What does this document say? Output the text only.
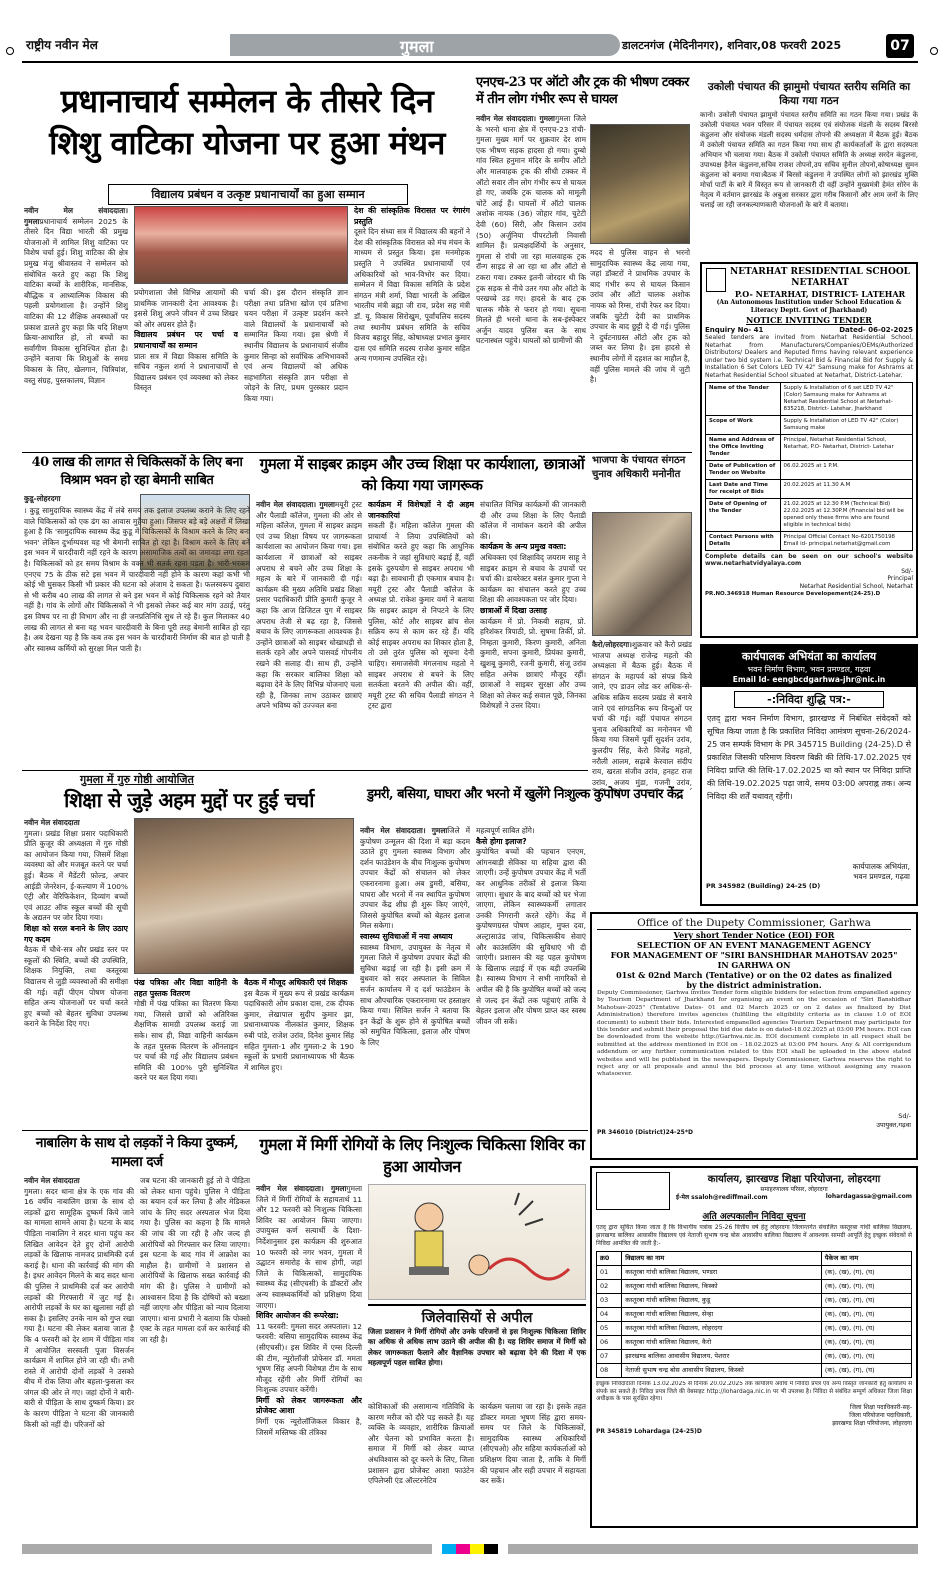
राष्ट्रीय नवीन मेल	गुमला	डालटनगंज (मेदिनीनगर), शनिवार,08 फरवरी 2025	07
प्रधानाचार्य सम्मेलन के तीसरे दिन
शिशु वाटिका योजना पर हुआ मंथन
विद्यालय प्रबंधन व उत्कृष्ट प्रधानाचार्यों का हुआ सम्मान
नवीन मेल संवाददाता। गुमलाप्रधानाचार्य सम्मेलन 2025 के तीसरे दिन विद्या भारती की प्रमुख योजनाओं में शामिल शिशु वाटिका पर विशेष चर्चा हुई। शिशु वाटिका की क्षेत्र प्रमुख मंजु श्रीवास्तव ने सम्मेलन को संबोधित करते हुए कहा कि शिशु वाटिका बच्चों के शारीरिक, मानसिक, बौद्धिक व आध्यात्मिक विकास की पहली प्रयोगशाला है। उन्होंने शिशु वाटिका की 12 शैक्षिक अवस्थाओं पर प्रकाश डालते हुए कहा कि यदि शिक्षण क्रिया-आधारित हो, तो बच्चों का सर्वांगीण विकास सुनिश्चित होता है। उन्होंने बताया कि शिशुओं के समग्र विकास के लिए, खेलगान, चित्रियांश, वस्तु संग्रह, पुस्तकालय, विज्ञान
प्रयोगशाला जैसे विभिन्न आयामों की प्राथमिक जानकारी देना आवश्यक है। इससे शिशु अपने जीवन में उच्च शिखर को ओर अग्रसर होते हैं।
विद्यालय प्रबंधन पर चर्चा व प्रधानाचार्यों का सम्मान
प्रातः सत्र में विद्या विकास समिति के सचिव नकुल शर्मा ने प्रधानाचार्यों से विद्यालय प्रबंधन एवं व्यवस्था को लेकर विस्तृत
चर्चा की। इस दौरान संस्कृति ज्ञान परीक्षा तथा प्रतिभा खोज एवं प्रतिभा चयन परीक्षा में उत्कृष्ट प्रदर्शन करने वाले विद्यालयों के प्रधानाचार्यों को सम्मानित किया गया। इस श्रेणी में स्थानीय विद्यालय के प्रधानाचार्य संजीव कुमार सिन्हा को सर्वाधिक अभिभावकों एवं अन्य विद्यालयों को अधिक सहभागिता संस्कृति ज्ञान परीक्षा से जोड़ने के लिए, प्रथम पुरस्कार प्रदान किया गया।
देश की सांस्कृतिक विरासत पर रंगारंग प्रस्तुति
दूसरे दिन संध्या सत्र में विद्यालय की बहनों ने देश की सांस्कृतिक विरासत को मंच मंचन के माध्यम से प्रस्तुत किया। इस मनमोहक प्रस्तुति ने उपस्थित प्रधानाचार्यों एवं अधिकारियों को भाव-विभोर कर दिया। सम्मेलन में विद्या विकास समिति के प्रदेश संगठन मंत्री शर्मा, विद्या भारती के अखिल भारतीय मंत्री ब्रह्मा जी राव, प्रदेश सह मंत्री डॉ. यू. विकास सिरोखुम, पूर्वांचलिय सदस्य तथा स्थानीय प्रबंधन समिति के सचिव विजय बहादुर सिंह, कोषाध्यक्ष प्रभात कुमार दास एवं समिति सदस्य राजेश कुमार सहित अन्य गणमान्य उपस्थित रहे।
एनएच-23 पर ऑटो और ट्रक की भीषण टक्कर में तीन लोग गंभीर रूप से घायल
नवीन मेल संवाददाता। गुमलागुमला जिले के भरनो थाना क्षेत्र में एनएच-23 रांची-गुमला मुख्य मार्ग पर शुक्रवार देर शाम एक भीषण सड़क हादसा हो गया। दुम्बो गांव स्थित हनुमान मंदिर के समीप ऑटो और मालवाहक ट्रक की सीधी टक्कर में ऑटो सवार तीन लोग गंभीर रूप से घायल हो गए, जबकि ट्रक चालक को मामूली चोटें आई हैं। घायलों में ऑटो चालक अशोक नायक (36) जोहार गांव, चुटेटी देवी (60) सिरी, और किसान उरांव (50) अर्जुनिया पीपरटोली निवासी शामिल हैं। प्रत्यक्षदर्शियों के अनुसार, गुमला से रांची जा रहा मालवाहक ट्रक रॉन्ग साइड से आ रहा था और ऑटो से टकरा गया। टक्कर इतनी जोरदार थी कि ट्रक सड़क से नीचे उतर गया और ऑटो के परखच्चे उड़ गए। हादसे के बाद ट्रक चालक मौके से फरार हो गया। सूचना मिलते ही भरनो थाना के सब-इंस्पेक्टर अर्जुन यादव पुलिस बल के साथ घटनास्थल पहुंचे। घायलों को ग्रामीणों की
मदद से पुलिस वाहन से भरनो सामुदायिक स्वास्थ्य केंद्र लाया गया, जहां डॉक्टरों ने प्राथमिक उपचार के बाद गंभीर रूप से घायल किसान उरांव और ऑटो चालक अशोक नायक को रिम्स, रांची रेफर कर दिया। जबकि चुटेटी देवी का प्राथमिक उपचार के बाद छुट्टी दे दी गई। पुलिस ने दुर्घटनाग्रस्त ऑटो और ट्रक को जब्त कर लिया है। इस हादसे से स्थानीय लोगों में दहशत का माहौल है, वहीं पुलिस मामले की जांच में जुटी है।
उकोली पंचायत की झामुमो पंचायत स्तरीय समिति का किया गया गठन
कानो। उकोली पंचायत झामुमो पंचायत स्तरीय समिति का गठन किया गया। प्रखंड के उकोली पंचायत भवन परिसर में पंचायत सदस्य एवं संयोजक मंडली के सदस्य बिरसो कंडुलना और संयोजक मंडली सदस्य धर्मदास तोपनो की अध्यक्षता में बैठक हुई। बैठक में उकोली पंचायत समिति का गठन किया गया साथ ही कार्यकर्ताओं के द्वारा सदस्यता अभियान भी चलाया गया। बैठक में उकोली पंचायत समिति के अध्यक्ष सरदेन कंडुलना, उपाध्यक्ष हैनेल कंडुलना,सचिव राजश तोपनो,उप सचिव सुनील तोपनो,कोषाध्यक्ष सुमन कंडुलना को बनाया गया।बैठक में बिरसो कंडुलना ने उपस्थित लोगों को झारखंड मुक्ति मोर्चा पार्टी के बारे में विस्तृत रूप से जानकारी दी वहीं उन्होंने मुख्यमंत्री हेमंत सोरेन के नेतृत्व में वर्तमान झारखंड के अबुआ सरकार द्वारा गरीब किसानों और आम जनों के लिए चलाई जा रही जनकल्याणकारी योजनाओं के बारे में बताया।
NETARHAT RESIDENTIAL SCHOOL NETARHAT
P.O- NETARHAT, DISTRICT- LATEHAR
(An Autonomous Institution under School Education & Literacy Deptt. Govt of Jharkhand)
NOTICE INVITING TENDER
Enquiry No- 41	Dated- 06-02-2025
Sealed tenders are invited from Netarhat Residential School, Netarhat from Manufacturers/Companies/OEMs/Authorized Distributors/ Dealers and Reputed firms having relevant experience under two bid system i.e. Technical Bid & Financial Bid for Supply & Installation 6 Set Colors LED TV 42" Samsung make for Ashrams at Netarhat Residential School situated at Netarhat, District-Latehar.
Name of the Tender	Supply & Installation of 6 set LED TV 42" (Color) Samsung make for Ashrams at Netarhat Residential School at Netarhat-835218, District- Latehar, Jharkhand
Scope of Work	Supply & Installation of LED TV 42" (Color) Samsung make
Name and Address of the Office Inviting Tender	Principal, Netarhat Residential School, Netarhat, P.O- Netarhat, District- Latehar
Date of Publication of Tender on Website	06.02.2025 at 1 P.M.
Last Date and Time for receipt of Bids	20.02.2025 at 11.30 A.M
Date of Opening of the Tender	21.02.2025 at 12.30 P.M (Technical Bid) 22.02.2025 at 12.30P.M (Financial bid will be opened only these firms who are found eligible in technical bids)
Contact Persons with Details	Principal Official Contact No-6201750198 Email id- principal.netarhat@gmail.com
Complete details can be seen on our school's website www.netarhatvidyalaya.com
Sd/-
Principal
Netarhat Residential School, Netarhat
PR.NO.346918 Human Resource Developement(24-25).D
40 लाख की लागत से चिकित्सकों के लिए बना विश्राम भवन हो रहा बेमानी साबित
कुडू-लोहरदगा
। कुडू सामुदायिक स्वास्थ्य केंद्र में लंबे समय तक इलाज उपलब्ध कराने के लिए रहने वाले चिकित्सकों को एक ढंग का आवास मुहैया हुआ। जिसपर बड़े बड़े अक्षरों में लिखा हुआ है कि 'सामुदायिक स्वास्थ्य केंद्र कुडू में चिकित्सकों के विश्राम करने के लिए बना भवन' लेकिन दुर्भाग्यवश यह भी बेमानी साबित हो रहा है। विश्राम करने के लिए बने इस भवन में चारदीवारी नहीं रहने के कारण असामाजिक तत्वों का जमावड़ा लगा रहता है। चिकित्सकों को हर समय विश्राम के वक्त भी सतर्क रहना पड़ता है। भारी-भरकम एनएच 75 के ठीक सटे इस भवन में चारदीवारी नहीं होने के कारण कहां कभी भी कोई भी घुसकर किसी भी प्रकार की घटना को अंजाम दे सकता है। फलस्वरूप दुबारा से भी करीब 40 लाख की लागत से बने इस भवन में कोई चिकित्सक रहने को तैयार नहीं है। गांव के लोगों और चिकित्सकों ने भी इसको लेकर कई बार मांग उठाई, परंतु इस विषय पर ना ही विभाग और ना ही जनप्रतिनिधि सुध ले रहे हैं। कुल मिलाकर 40 लाख की लागत से बना यह भवन चारदीवारी के बिना पूरी तरह बेमानी साबित हो रहा है। अब देखना यह है कि कब तक इस भवन के चारदीवारी निर्माण की बात हो पाती है और स्वास्थ्य कर्मियों को सुरक्षा मिल पाती है।
गुमला में साइबर क्राइम और उच्च शिक्षा पर कार्यशाला, छात्राओं को किया गया जागरूक
नवीन मेल संवाददाता। गुमलामयूरी ट्रस्ट और पैलाडी कॉलेज, गुमला की ओर से महिला कॉलेज, गुमला में साइबर क्राइम एवं उच्च शिक्षा विषय पर जागरूकता कार्यशाला का आयोजन किया गया। इस कार्यशाला में छात्राओं को साइबर अपराध से बचने और उच्च शिक्षा के महत्व के बारे में जानकारी दी गई। कार्यक्रम की मुख्य अतिथि प्रखंड शिक्षा प्रसार पदाधिकारी प्रीति कुमारी कुजूर ने कहा कि आज डिजिटल युग में साइबर अपराध तेजी से बढ़ रहा है, जिससे बचाव के लिए जागरूकता आवश्यक है। उन्होंने छात्राओं को साइबर धोखाधड़ी से सतर्क रहने और अपने पासवर्ड गोपनीय रखने की सलाह दी। साथ ही, उन्होंने कहा कि सरकार बालिका शिक्षा को बढ़ावा देने के लिए विभिन्न योजनाएं चला रही है, जिनका लाभ उठाकर छात्राएं अपने भविष्य को उज्ज्वल बना
कार्यक्रम में विशेषज्ञों ने दी अहम जानकारियां
सकती हैं। महिला कॉलेज गुमला की प्राचार्या ने लिया उपस्थितियों को संबोधित करते हुए कहा कि आधुनिक तकनीक ने जहां सुविधाएं बढ़ाई हैं, वहीं इसके दुरुपयोग से साइबर अपराध भी बढ़ा है। सावधानी ही एकमात्र बचाव है। मयूरी ट्रस्ट और पैलाडी कॉलेज के अध्यक्ष प्रो. राकेश कुमार वर्मा ने बताया कि साइबर क्राइम से निपटने के लिए पुलिस, कोर्ट और साइबर ब्रांच सेल सक्रिय रूप से काम कर रहे हैं। यदि कोई साइबर अपराध का शिकार होता है, तो उसे तुरंत पुलिस को सूचना देनी चाहिए। समाजसेवी मंगलनाथ महतो ने साइबर अपराध से बचने के लिए सतर्कता बरतने की अपील की। वहीं, मयूरी ट्रस्ट की सचिव पैलाडी संगठन ने ट्रस्ट द्वारा
संचालित विभिन्न कार्यक्रमों की जानकारी दी और उच्च शिक्षा के लिए पैलाडी कॉलेज में नामांकन कराने की अपील की।
कार्यक्रम के अन्य प्रमुख वक्ता:
अधिवक्ता एवं शिक्षाविद् जयराम साहू ने साइबर क्राइम से बचाव के उपायों पर चर्चा की। डायरेक्टर बसंत कुमार गुप्ता ने कार्यक्रम का संचालन करते हुए उच्च शिक्षा की आवश्यकता पर जोर दिया।
छात्राओं में दिखा उत्साह
कार्यक्रम में प्रो. निकबी सहाय, प्रो. हरिशंकर त्रिपाठी, प्रो. सुषमा तिर्की, प्रो. निम्हता कुमारी, किरण कुमारी, अनिता कुमारी, सपना कुमारी, प्रियंका कुमारी, खुशबू कुमारी, रजनी कुमारी, संजू उरांव सहित अनेक छात्राएं मौजूद रहीं। छात्राओं ने साइबर सुरक्षा और उच्च शिक्षा को लेकर कई सवाल पूछे, जिनका विशेषज्ञों ने उत्तर दिया।
भाजपा के पंचायत संगठन चुनाव अधिकारी मनोनीत
कैरो/लोहरदगा।शुक्रवार को कैरो प्रखंड भाजपा अध्यक्ष राजेन्द्र महतो की अध्यक्षता में बैठक हुई। बैठक में संगठन के महापर्व को संपन्न किये जाने, एप डाउन लोड कर अधिक-से-अधिक सक्रिय सदस्य प्रखंड से बनाये जाने एवं सांगठनिक रूप विन्दुओं पर चर्चा की गई। वहीं पंचायत संगठन चुनाव अधिकारियों का मनोनयन भी किया गया जिसमें पूर्वी सुदर्शन उरांव, कुलदीप सिंह, केरो विजेंद्र महतो, नरौली आलम, सढ़ाबे केरवाल संदीप राय, खरता संजीव उरांव, हनहट राज उरांव, अजय मुंडा, गजनी उरांव,
कार्यपालक अभियंता का कार्यालय
भवन निर्माण विभाग, भवन प्रमण्डल, गढ़वा
Email Id- eengbcdgarhwa-jhr@nic.in
-:निविदा शुद्धि पत्र:-
एतद् द्वारा भवन निर्माण विभाग, झारखण्ड में निबंधित संवेदकों को सूचित किया जाता है कि प्रकाशित निविदा आमंत्रण सूचना-26/2024-25 जन सम्पर्क विभाग के PR 345715 Building (24-25).D से प्रकाशित जिसकी परिमाण विवरण बिक्री की तिथि-17.02.2025 एवं निविदा प्राप्ति की तिथि-17.02.2025 था को स्थान पर निविदा प्राप्ति की तिथि-19.02.2025 पढ़ा जाये, समय 03:00 अपराह्न तक। अन्य निविदा की शर्तें यथावत् रहेंगी।
कार्यपालक अभियंता,
भवन प्रमण्डल, गढ़वा
PR 345982 (Building) 24-25 (D)
गुमला में गुरु गोष्ठी आयोजित
शिक्षा से जुड़े अहम मुद्दों पर हुई चर्चा
नवीन मेल संवाददाता
गुमला। प्रखंड शिक्षा प्रसार पदाधिकारी प्रीति कुजूर की अध्यक्षता में गुरु गोष्ठी का आयोजन किया गया, जिसमें शिक्षा व्यवस्था को और मजबूत करने पर चर्चा हुई। बैठक में मैडेंटरी फ़ोल्ड, अपार आईडी जेनरेशन, ई-कल्याण में 100% एंट्री और वेरिफिकेशन, दिव्यांग बच्चों एवं आउट ऑफ स्कूल बच्चों की सूची के अद्यतन पर जोर दिया गया।
शिक्षा को सरल बनाने के लिए उठाए गए कदम
बैठक में चौथे-सत्र और प्रखंड स्तर पर स्कूलों की स्थिति, बच्चों की उपस्थिति, शिक्षक नियुक्ति, तथा कस्तूरबा विद्यालय से जुड़ी व्यवस्थाओं की समीक्षा की गई। वहीं पीएम पोषण योजना सहित अन्य योजनाओं पर चर्चा करते हुए बच्चों को बेहतर सुविधा उपलब्ध कराने के निर्देश दिए गए।
पंख पत्रिका और विद्या वाहिनी के तहत पुस्तक वितरण
गोष्ठी में पंख पत्रिका का वितरण किया गया, जिससे छात्रों को अतिरिक्त शैक्षणिक सामग्री उपलब्ध कराई जा सके। साथ ही, विद्या वाहिनी कार्यक्रम के तहत पुस्तक वितरण के ऑनलाइन पर चर्चा की गई और विद्यालय प्रबंधन समिति की 100% पूरी सुनिश्चित करने पर बल दिया गया।
बैठक में मौजूद अधिकारी एवं शिक्षक
इस बैठक में मुख्य रूप से प्रखंड कार्यक्रम पदाधिकारी ओम प्रकाश दास, टक दीपक कुमार, लेखापाल सुदीप कुमार झा, प्रधानाध्यापक नीलकांत कुमार, शिक्षक रुबी पांडे, राजेश उरांव, दिनेश कुमार सिंह सहित गुमला-1 और गुमला-2 के 190 स्कूलों के प्रभारी प्रधानाध्यापक भी बैठक में शामिल हुए।
डुमरी, बसिया, घाघरा और भरनो में खुलेंगे निःशुल्क कुपोषण उपचार केंद्र
नवीन मेल संवाददाता। गुमलाजिले में कुपोषण उन्मूलन की दिशा में बड़ा कदम उठाते हुए गुमला स्वास्थ्य विभाग और दर्शन फाउंडेशन के बीच निःशुल्क कुपोषण उपचार केंद्रों को संचालन को लेकर एकरारनामा हुआ। अब डुमरी, बसिया, घाघरा और भरनो में नव स्थापित कुपोषण उपचार केंद्र शीघ्र ही शुरू किए जाएंगे, जिससे कुपोषित बच्चों को बेहतर इलाज मिल सकेगा।
स्वास्थ्य सुविधाओं में नया अध्याय
स्वास्थ्य विभाग, उपायुक्त के नेतृत्व में गुमला जिले में कुपोषण उपचार केंद्रों की सुविधा बढ़ाई जा रही है। इसी क्रम में बुधवार को सदर अस्पताल के सिविल सर्जन कार्यालय में द दर्श फाउंडेशन के साथ औपचारिक एकरारनामा पर हस्ताक्षर किया गया। सिविल सर्जन ने बताया कि इन केंद्रों के शुरू होने से कुपोषित बच्चों को समुचित चिकित्सा, इलाज और पोषण के लिए
महत्वपूर्ण साबित होंगे।
कैसे होगा इलाज?
कुपोषित बच्चों की पहचान एनएम, आंगनबाड़ी सेविका या सहिया द्वारा की जाएगी। उन्हें कुपोषण उपचार केंद्र में भर्ती कर आधुनिक तरीकों से इलाज किया जाएगा। सुधार के बाद बच्चों को घर भेजा जाएगा, लेकिन स्वास्थ्यकर्मी लगातार उनकी निगरानी करते रहेंगे। केंद्र में कुपोषणग्रस्त पोषण आहार, मुफ्त दवा, अल्ट्रासाउंड जांच, चिकित्सकीय सेवाएं और काउंसलिंग की सुविधाएं भी दी जाएंगी। प्रशासन की यह पहल कुपोषण के खिलाफ लड़ाई में एक बड़ी उपलब्धि है। स्वास्थ्य विभाग ने सभी नागरिकों से अपील की है कि कुपोषित बच्चों को जल्द से जल्द इन केंद्रों तक पहुंचाएं ताकि वे बेहतर इलाज और पोषण प्राप्त कर स्वस्थ जीवन जी सकें।
Office of the Dupety Commissioner, Garhwa
Very short Tender Notice (EOI) FOR
SELECTION OF AN EVENT MANAGEMENT AGENCY
FOR MANAGEMENT OF "SIRI BANSHIDHAR MAHOTSAV 2025"
IN GARHWA ON
01st & 02nd March (Tentative) or on the 02 dates as finalized
by the district administration.
Deputy Commissioner, Garhwa invites Tender form eligible bidders for selection from empanelled agency by Tourism Department of Jharkhand for organising an event on the occasion of "Siri Banshidhar Mahotsav-2025" (Tentative Dates- 01 and 02 March 2025 or on 2 dates as finalized by Dist Administration) therefore invites agencies (fulfilling the eligibility criteria as in clause 1.0 of EOI document) to submit their bids. Interested empanelled agencies Tourism Department may participate for this tender and submit their proposal the bid due date is on dated-18.02.2025 at 03:00 PM hours. EOI can be downloaded from the website http://Garhwa.nic.in. EOI document complete in all respect shall be submitted at the address mentioned in EOI on - 18.02.2025 at 03:00 PM hours. Any & All corrigendum addendum or any further communication related to this EOI shall be uploaded in the above stated websites and will be published in the newspapers. Deputy Commissioner, Garhwa reserves the right to reject any or all proposals and annul the bid process at any time without assigning any reason whatsoever.
Sd/-
उपायुक्त,गढ़वा
PR 346010 (District)24-25*D
नाबालिग के साथ दो लड़कों ने किया दुष्कर्म, मामला दर्ज
नवीन मेल संवाददाता
गुमला। सदर थाना क्षेत्र के एक गांव की 16 वर्षीय नाबालिग छात्रा के साथ दो लड़कों द्वारा सामूहिक दुष्कर्म किये जाने का मामला सामने आया है। घटना के बाद पीड़िता नाबालिग ने सदर थाना पहुंच कर लिखित आवेदन देते हुए दोनों आरोपी लड़कों के खिलाफ नामजद प्राथमिकी दर्ज कराई है। थाना की कार्रवाई की मांग की है। इधर आवेदन मिलने के बाद सदर थाना की पुलिस ने प्राथमिकी दर्ज कर आरोपी लड़कों की गिरफ्तारी में जुट गई है। आरोपी लड़कों के घर का खुलासा नहीं हो सका है। इसलिए उनके नाम को गुप्त रखा गया है। घटना की लेकर बताया जाता है कि 4 फरवरी को देर शाम में पीड़िता गांव में आयोजित सरस्वती पूजा विसर्जन कार्यक्रम में शामिल होने जा रही थी। तभी रास्ते में आरोपी दोनों लड़कों ने उसको बीच में रोक लिया और बहला-फुसला कर जंगल की ओर ले गए। जहां दोनों ने बारी-बारी से पीड़िता के साथ दुष्कर्म किया। डर के कारण पीड़िता ने घटना की जानकारी किसी को नहीं दी। परिजनों को
जब घटना की जानकारी हुई तो वे पीड़िता को लेकर थाना पहुंचे। पुलिस ने पीड़िता का बयान दर्ज कर लिया है और मेडिकल जांच के लिए सदर अस्पताल भेज दिया गया है। पुलिस का कहना है कि मामले की जांच की जा रही है और जल्द ही आरोपियों को गिरफ्तार कर लिया जाएगा। इस घटना के बाद गांव में आक्रोश का माहौल है। ग्रामीणों ने प्रशासन से आरोपियों के खिलाफ सख्त कार्रवाई की मांग की है। पुलिस ने ग्रामीणों को आश्वासन दिया है कि दोषियों को बख्शा नहीं जाएगा और पीड़िता को न्याय दिलाया जाएगा। थाना प्रभारी ने बताया कि पोक्सो एक्ट के तहत मामला दर्ज कर कार्रवाई की जा रही है।
गुमला में मिर्गी रोगियों के लिए निःशुल्क चिकित्सा शिविर का हुआ आयोजन
नवीन मेल संवाददाता। गुमलागुमला जिले में मिर्गी रोगियों के सहायतार्थ 11 और 12 फरवरी को निःशुल्क चिकित्सा शिविर का आयोजन किया जाएगा। उपायुक्त कर्ण सत्यार्थी के दिशा-निर्देशानुसार इस कार्यक्रम की शुरुआत 10 फरवरी को नगर भवन, गुमला में उद्घाटन समारोह के साथ होगी, जहां जिले के चिकित्सकों, सामुदायिक स्वास्थ्य केंद्र (सीएचसी) के डॉक्टरों और अन्य स्वास्थ्यकर्मियों को प्रशिक्षण दिया जाएगा।
शिविर आयोजन की रूपरेखा:
11 फरवरी: गुमला सदर अस्पताल। 12 फरवरी: बसिया सामुदायिक स्वास्थ्य केंद्र (सीएचसी)। इस शिविर में एम्स दिल्ली की टीम, न्यूरोलॉजी प्रोफेसर डॉ. ममता भूषण सिंह अपनी विशेषज्ञ टीम के साथ मौजूद रहेंगी और मिर्गी रोगियों का निःशुल्क उपचार करेंगी।
मिर्गी को लेकर जागरूकता और प्रोजेक्ट आशा
मिर्गी एक न्यूरोलॉजिकल विकार है, जिसमें मस्तिष्क की तंत्रिका
जिलेवासियों से अपील
जिला प्रशासन ने मिर्गी रोगियों और उनके परिजनों से इस निःशुल्क चिकित्सा शिविर का अधिक से अधिक लाभ उठाने की अपील की है। यह शिविर समाज में मिर्गी को लेकर जागरूकता फैलाने और वैज्ञानिक उपचार को बढ़ावा देने की दिशा में एक महत्वपूर्ण पहल साबित होगा।
कोशिकाओं की असामान्य गतिविधि के कारण मरीज को दौरे पड़ सकते हैं। यह व्यक्ति के व्यवहार, शारीरिक क्रियाओं और चेतना को प्रभावित करता है। समाज में मिर्गी को लेकर व्याप्त अंधविश्वास को दूर करने के लिए, जिला प्रशासन द्वारा प्रोजेक्ट आशा फाउंटेन एपिलेप्सी एंड ऑल्टरनेटिव
कार्यक्रम चलाया जा रहा है। इसके तहत डॉक्टर ममता भूषण सिंह द्वारा समय-समय पर जिले के चिकित्सकों, सामुदायिक स्वास्थ्य अधिकारियों (सीएचओ) और सहिया कार्यकर्ताओं को प्रशिक्षण दिया जाता है, ताकि वे मिर्गी की पहचान और सही उपचार में सहायता कर सकें।
कार्यालय, झारखण्ड शिक्षा परियोजना, लोहरदगा
समाहरणालय परिसर, लोहरदगा
ई-मेल ssaloh@rediffmail.com	lohardagassa@gmail.com
अति अल्पकालीन निविदा सूचना
एतद् द्वारा सूचित किया जाता है कि विभागीय पत्रांक 25-26 वित्तीय वर्ष हेतु लोहरदगा जिलान्तर्गत संचालित कस्तूरबा गांधी बालिका विद्यालय, झारखण्ड बालिका आवासीय विद्यालय एवं नेताजी सुभाष चन्द्र बोस आवासीय बालिका विद्यालय में आवश्यक सामग्री आपूर्ति हेतु इच्छुक संवेदकों से निविदा आमंत्रित की जाती है:-
क्र0	विद्यालय का नाम	पैकेज का नाम
01	कस्तूरबा गांधी बालिका विद्यालय, भण्डरा	(क), (ख), (ग), (घ)
02	कस्तूरबा गांधी बालिका विद्यालय, किस्को	(क), (ख), (ग), (घ)
03	कस्तूरबा गांधी बालिका विद्यालय, कुडू	(क), (ख), (ग), (घ)
04	कस्तूरबा गांधी बालिका विद्यालय, सेन्हा	(क), (ख), (ग), (घ)
05	कस्तूरबा गांधी बालिका विद्यालय, लोहरदगा	(क), (ख), (ग), (घ)
06	कस्तूरबा गांधी बालिका विद्यालय, कैरो	(क), (ख), (ग), (घ)
07	झारखण्ड बालिका आवासीय विद्यालय, पेशरार	(क), (ख), (ग), (घ)
08	नेताजी सुभाष चन्द्र बोस आवासीय विद्यालय, किस्को	(क), (ख), (ग), (घ)
इच्छुक निविदादाता दिनांक 13.02.2025 से दिनांक 20.02.2025 तक कार्यालय अवधि में निविदा प्रपत्र एवं अन्य विस्तृत जानकारी हेतु कार्यालय से संपर्क कर सकते हैं। निविदा प्रपत्र जिले की वेबसाइट http://lohardaga.nic.in पर भी उपलब्ध है। निविदा से संबंधित सम्पूर्ण अधिकार जिला शिक्षा अधीक्षक के पास सुरक्षित रहेगा।
जिला शिक्षा पदाधिकारी-सह-
जिला परियोजना पदाधिकारी,
झारखण्ड शिक्षा परियोजना, लोहरदगा
PR 345819 Lohardaga (24-25)D
